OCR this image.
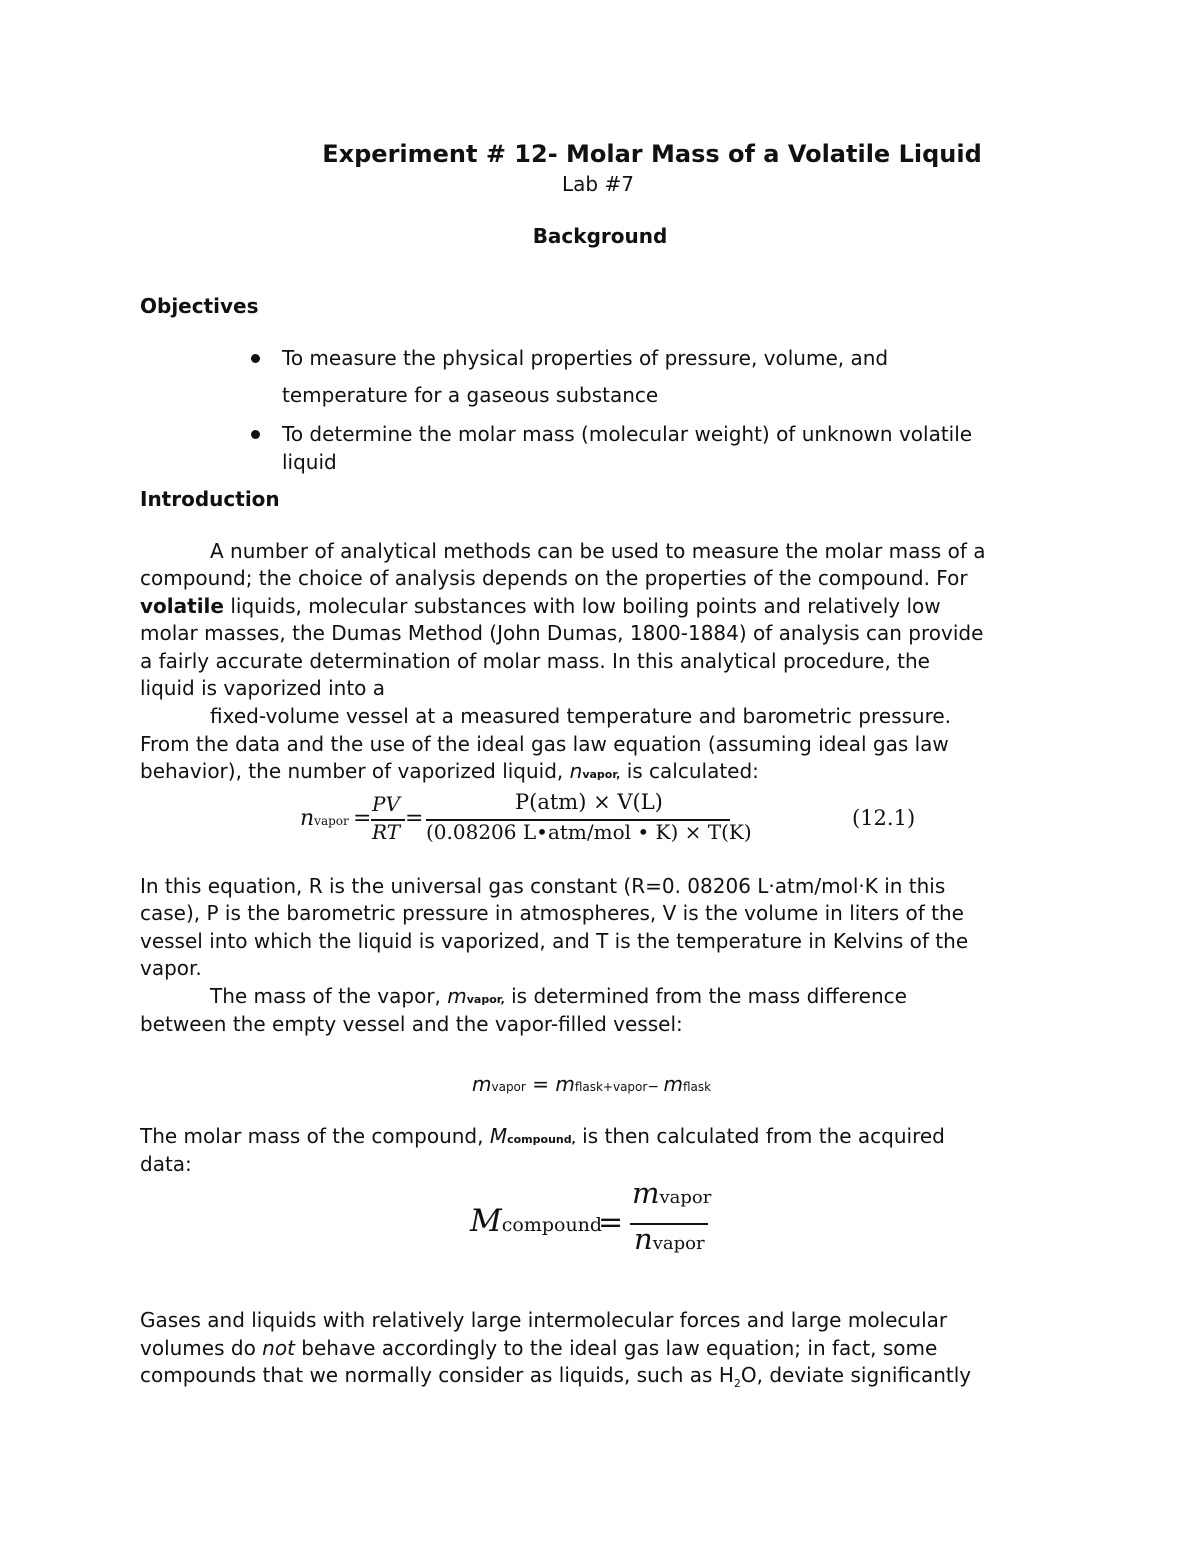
Experiment # 12- Molar Mass of a Volatile Liquid
Lab #7
Background
Objectives
To measure the physical properties of pressure, volume, and
temperature for a gaseous substance
To determine the molar mass (molecular weight) of unknown volatile
liquid
Introduction
A number of analytical methods can be used to measure the molar mass of a
compound; the choice of analysis depends on the properties of the compound. For
volatile liquids, molecular substances with low boiling points and relatively low
molar masses, the Dumas Method (John Dumas, 1800-1884) of analysis can provide
a fairly accurate determination of molar mass. In this analytical procedure, the
liquid is vaporized into a
fixed-volume vessel at a measured temperature and barometric pressure.
From the data and the use of the ideal gas law equation (assuming ideal gas law
behavior), the number of vaporized liquid, nvapor, is calculated:
nvapor =
PV
RT
=
P(atm) × V(L)
(0.08206 L•atm/mol • K) × T(K)
(12.1)
In this equation, R is the universal gas constant (R=0. 08206 L·atm/mol·K in this
case), P is the barometric pressure in atmospheres, V is the volume in liters of the
vessel into which the liquid is vaporized, and T is the temperature in Kelvins of the
vapor.
The mass of the vapor, mvapor, is determined from the mass difference
between the empty vessel and the vapor-filled vessel:
mvapor = mflask+vapor− mflask
The molar mass of the compound, Mcompound, is then calculated from the acquired
data:
Mcompound
=
mvapor
nvapor
Gases and liquids with relatively large intermolecular forces and large molecular
volumes do not behave accordingly to the ideal gas law equation; in fact, some
compounds that we normally consider as liquids, such as $H_2O$, deviate significantly
